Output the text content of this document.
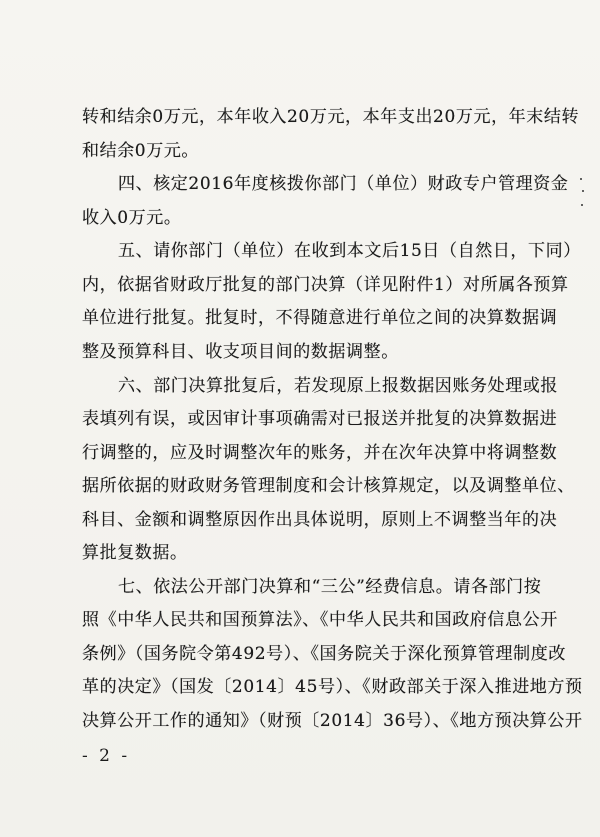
转和结余0万元，本年收入20万元，本年支出20万元，年末结转
和结余0万元。
四、核定2016年度核拨你部门（单位）财政专户管理资金
收入0万元。
五、请你部门（单位）在收到本文后15日（自然日，下同）
内，依据省财政厅批复的部门决算（详见附件1）对所属各预算
单位进行批复。批复时，不得随意进行单位之间的决算数据调
整及预算科目、收支项目间的数据调整。
六、部门决算批复后，若发现原上报数据因账务处理或报
表填列有误，或因审计事项确需对已报送并批复的决算数据进
行调整的，应及时调整次年的账务，并在次年决算中将调整数
据所依据的财政财务管理制度和会计核算规定，以及调整单位、
科目、金额和调整原因作出具体说明，原则上不调整当年的决
算批复数据。
七、依法公开部门决算和“三公”经费信息。请各部门按
照《中华人民共和国预算法》、《中华人民共和国政府信息公开
条例》（国务院令第492号）、《国务院关于深化预算管理制度改
革的决定》（国发〔2014〕45号）、《财政部关于深入推进地方预
决算公开工作的通知》（财预〔2014〕36号）、《地方预决算公开
- 2 -
